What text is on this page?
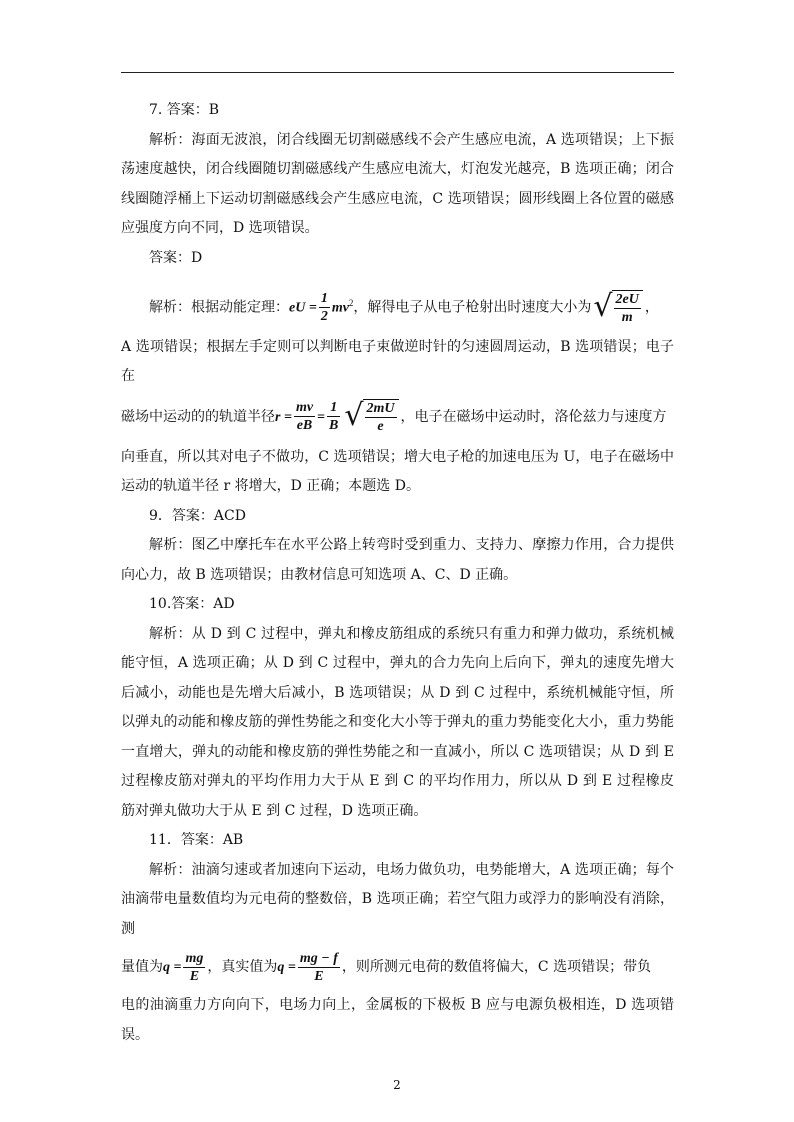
7. 答案：B

解析：海面无波浪，闭合线圈无切割磁感线不会产生感应电流，A 选项错误；上下振荡速度越快，闭合线圈随切割磁感线产生感应电流大，灯泡发光越亮，B 选项正确；闭合线圈随浮桶上下运动切割磁感线会产生感应电流，C 选项错误；圆形线圈上各位置的磁感应强度方向不同，D 选项错误。

答案：D

解析：根据动能定理：eU = $\frac{1}{2} mv^2$，解得电子从电子枪射出时速度大小为 √ $\frac{2eU}{m}$ ，

A 选项错误；根据左手定则可以判断电子束做逆时针的匀速圆周运动，B 选项错误；电子在

磁场中运动的的轨道半径$r = \frac{mv}{eB} = \frac{1}{B}$ √ $\frac{2mU}{e}$ ，电子在磁场中运动时，洛伦兹力与速度方

向垂直，所以其对电子不做功，C 选项错误；增大电子枪的加速电压为 U，电子在磁场中运动的轨道半径 r 将增大，D 正确；本题选 D。

9．答案：ACD

解析：图乙中摩托车在水平公路上转弯时受到重力、支持力、摩擦力作用，合力提供向心力，故 B 选项错误；由教材信息可知选项 A、C、D 正确。

10.答案：AD

解析：从 D 到 C 过程中，弹丸和橡皮筋组成的系统只有重力和弹力做功，系统机械能守恒，A 选项正确；从 D 到 C 过程中，弹丸的合力先向上后向下，弹丸的速度先增大后减小，动能也是先增大后减小，B 选项错误；从 D 到 C 过程中，系统机械能守恒，所以弹丸的动能和橡皮筋的弹性势能之和变化大小等于弹丸的重力势能变化大小，重力势能一直增大，弹丸的动能和橡皮筋的弹性势能之和一直减小，所以 C 选项错误；从 D 到 E 过程橡皮筋对弹丸的平均作用力大于从 E 到 C 的平均作用力，所以从 D 到 E 过程橡皮筋对弹丸做功大于从 E 到 C 过程，D 选项正确。

11．答案：AB

解析：油滴匀速或者加速向下运动，电场力做负功，电势能增大，A 选项正确；每个油滴带电量数值均为元电荷的整数倍，B 选项正确；若空气阻力或浮力的影响没有消除，测

量值为$q = \frac{mg}{E}$ ，真实值为$q = \frac{mg - f}{E}$ ，则所测元电荷的数值将偏大，C 选项错误；带负

电的油滴重力方向向下，电场力向上，金属板的下极板 B 应与电源负极相连，D 选项错误。

2
